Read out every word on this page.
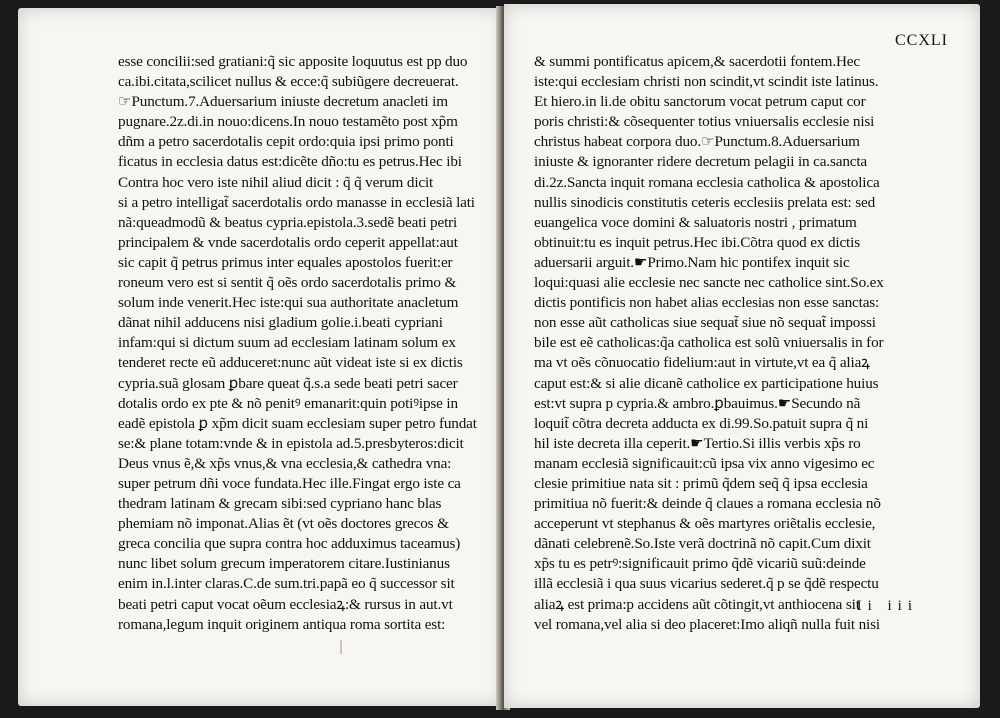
esse concilii:sed gratiani:q̃ sic apposite loquutus est pp duo
ca.ibi.citata,scilicet nullus & ecce:q̃ subiũgere decreuerat.
☞Punctum.7.Aduersarium iniuste decretum anacleti im
pugnare.2z.di.in nouo:dicens.In nouo testamẽto post xp̃m
dñm a petro sacerdotalis cepit ordo:quia ipsi primo ponti
ficatus in ecclesia datus est:dicẽte dño:tu es petrus.Hec ibi
Contra hoc vero iste nihil aliud dicit : q̃ q̃ verum dicit
si a petro intelligat̃ sacerdotalis ordo manasse in ecclesiã lati
nã:queadmodũ & beatus cypria.epistola.3.sedẽ beati petri
principalem & vnde sacerdotalis ordo ceperit appellat:aut
sic capit q̃ petrus primus inter equales apostolos fuerit:er
roneum vero est si sentit q̃ oẽs ordo sacerdotalis primo &
solum inde venerit.Hec iste:qui sua authoritate anacletum
dãnat nihil adducens nisi gladium golie.i.beati cypriani
infam:qui si dictum suum ad ecclesiam latinam solum ex
tenderet recte eũ adduceret:nunc aũt videat iste si ex dictis
cypria.suã glosam ꝑbare queat q̃.s.a sede beati petri sacer
dotalis ordo ex pte & nõ penitꝰ emanarit:quin potiꝰipse in
eadẽ epistola ꝑ xp̃m dicit suam ecclesiam super petro fundat
se:& plane totam:vnde & in epistola ad.5.presbyteros:dicit
Deus vnus ẽ,& xp̃s vnus,& vna ecclesia,& cathedra vna:
super petrum dñi voce fundata.Hec ille.Fingat ergo iste ca
thedram latinam & grecam sibi:sed cypriano hanc blas
phemiam nõ imponat.Alias ẽt (vt oẽs doctores grecos &
greca concilia que supra contra hoc adduximus taceamus)
nunc libet solum grecum imperatorem citare.Iustinianus
enim in.l.inter claras.C.de sum.tri.papã eo q̃ successor sit
beati petri caput vocat oẽum ecclesiaꝝ:& rursus in aut.vt
romana,legum inquit originem antiqua roma sortita est:
CCXLI
& summi pontificatus apicem,& sacerdotii fontem.Hec
iste:qui ecclesiam christi non scindit,vt scindit iste latinus.
Et hiero.in li.de obitu sanctorum vocat petrum caput cor
poris christi:& cõsequenter totius vniuersalis ecclesie nisi
christus habeat corpora duo.☞Punctum.8.Aduersarium
iniuste & ignoranter ridere decretum pelagii in ca.sancta
di.2z.Sancta inquit romana ecclesia catholica & apostolica
nullis sinodicis constitutis ceteris ecclesiis prelata est: sed
euangelica voce domini & saluatoris nostri , primatum
obtinuit:tu es inquit petrus.Hec ibi.Cõtra quod ex dictis
aduersarii arguit.☛Primo.Nam hic pontifex inquit sic
loqui:quasi alie ecclesie nec sancte nec catholice sint.So.ex
dictis pontificis non habet alias ecclesias non esse sanctas:
non esse aũt catholicas siue sequat̃ siue nõ sequat̃ impossi
bile est eẽ catholicas:q̃a catholica est solũ vniuersalis in for
ma vt oẽs cõnuocatio fidelium:aut in virtute,vt ea q̃ aliaꝝ
caput est:& si alie dicanẽ catholice ex participatione huius
est:vt supra p cypria.& ambro.ꝑbauimus.☛Secundo nã
loquit̃ cõtra decreta adducta ex di.99.So.patuit supra q̃ ni
hil iste decreta illa ceperit.☛Tertio.Si illis verbis xp̃s ro
manam ecclesiã significauit:cũ ipsa vix anno vigesimo ec
clesie primitiue nata sit : primũ q̃dem seq̃ q̃ ipsa ecclesia
primitiua nõ fuerit:& deinde q̃ claues a romana ecclesia nõ
acceperunt vt stephanus & oẽs martyres oriẽtalis ecclesie,
dãnati celebrenẽ.So.Iste verã doctrinã nõ capit.Cum dixit
xp̃s tu es petrꝰ:significauit primo q̃dẽ vicariũ suũ:deinde
illã ecclesiã i qua suus vicarius sederet.q̃ p se q̃dẽ respectu
aliaꝝ est prima:p accidens aũt cõtingit,vt anthiocena sit
vel romana,vel alia si deo placeret:Imo aliqñ nulla fuit nisi
Ii iii
